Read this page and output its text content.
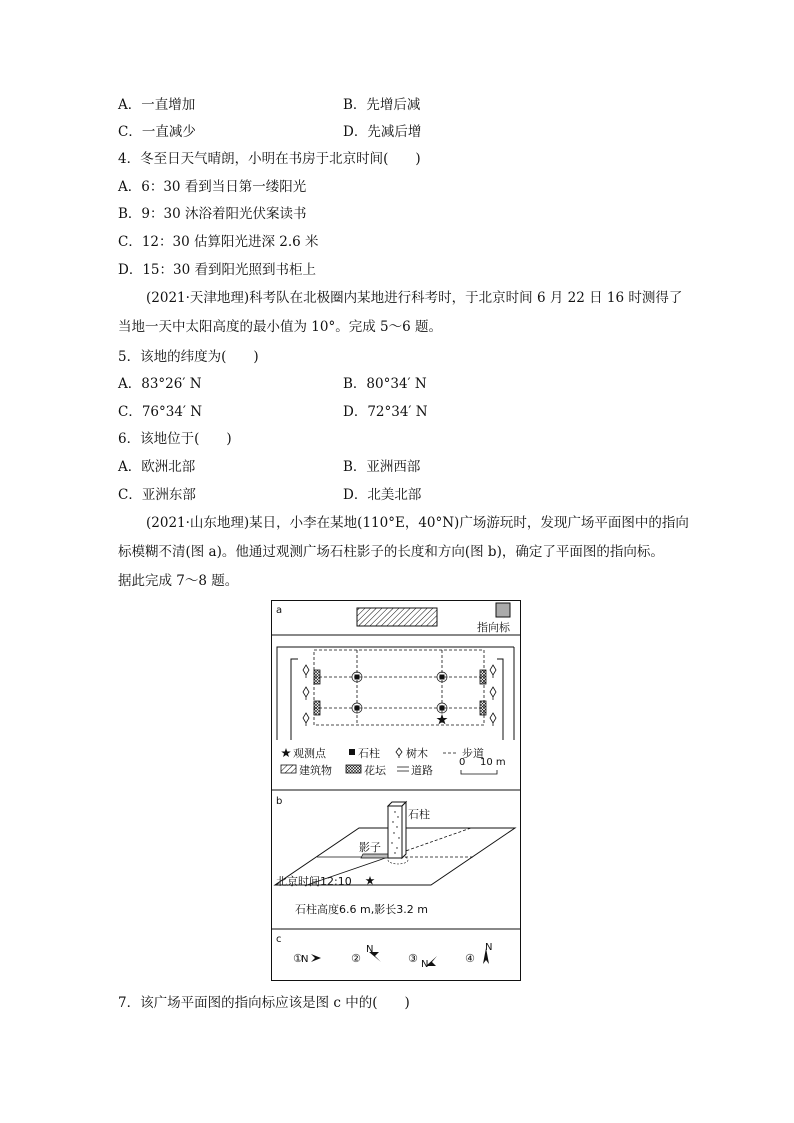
A．一直增加	B．先增后减
C．一直减少	D．先减后增
4．冬至日天气晴朗，小明在书房于北京时间(　　)
A．6：30 看到当日第一缕阳光
B．9：30 沐浴着阳光伏案读书
C．12：30 估算阳光进深 2.6 米
D．15：30 看到阳光照到书柜上
(2021·天津地理)科考队在北极圈内某地进行科考时，于北京时间 6 月 22 日 16 时测得了
当地一天中太阳高度的最小值为 10°。完成 5～6 题。
5．该地的纬度为(　　)
A．83°26′ N	B．80°34′ N
C．76°34′ N	D．72°34′ N
6．该地位于(　　)
A．欧洲北部	B．亚洲西部
C．亚洲东部	D．北美北部
(2021·山东地理)某日，小李在某地(110°E，40°N)广场游玩时，发现广场平面图中的指向
标模糊不清(图 a)。他通过观测广场石柱影子的长度和方向(图 b)，确定了平面图的指向标。
据此完成 7～8 题。
a
指向标
观测点	石柱 树木	步道
建筑物	花坛 道路
0 10 m
b
石柱
影子
北京时间12:10
石柱高度6.6 m,影长3.2 m
c
①
N	②
N
③ N	④
N
7．该广场平面图的指向标应该是图 c 中的(　　)
